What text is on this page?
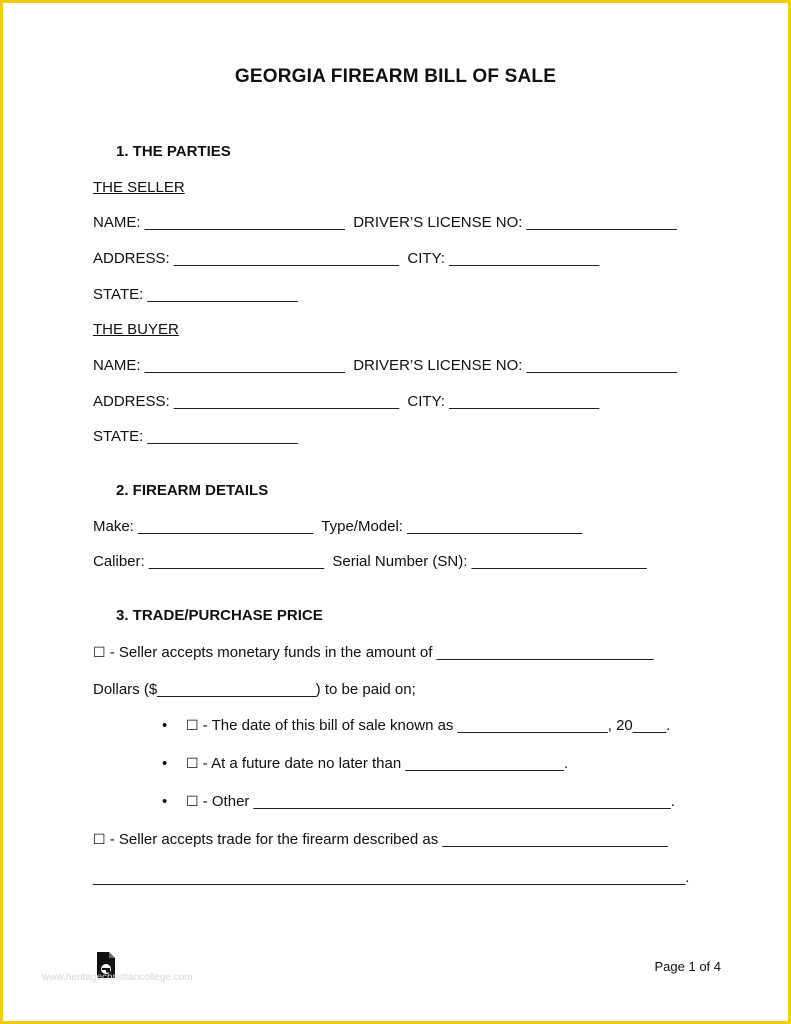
GEORGIA FIREARM BILL OF SALE
1. THE PARTIES
THE SELLER
NAME: ________________________  DRIVER’S LICENSE NO: __________________
ADDRESS: ___________________________  CITY: __________________
STATE: __________________
THE BUYER
NAME: ________________________  DRIVER’S LICENSE NO: __________________
ADDRESS: ___________________________  CITY: __________________
STATE: __________________
2. FIREARM DETAILS
Make: _____________________  Type/Model: _____________________
Caliber: _____________________  Serial Number (SN): _____________________
3. TRADE/PURCHASE PRICE
☐ - Seller accepts monetary funds in the amount of __________________________
Dollars ($___________________) to be paid on;
• ☐ - The date of this bill of sale known as __________________, 20____.
• ☐ - At a future date no later than ___________________.
• ☐ - Other __________________________________________________.
☐ - Seller accepts trade for the firearm described as ___________________________
_______________________________________________________________________.
www.heritagechristiancollege.com
Page 1 of 4
